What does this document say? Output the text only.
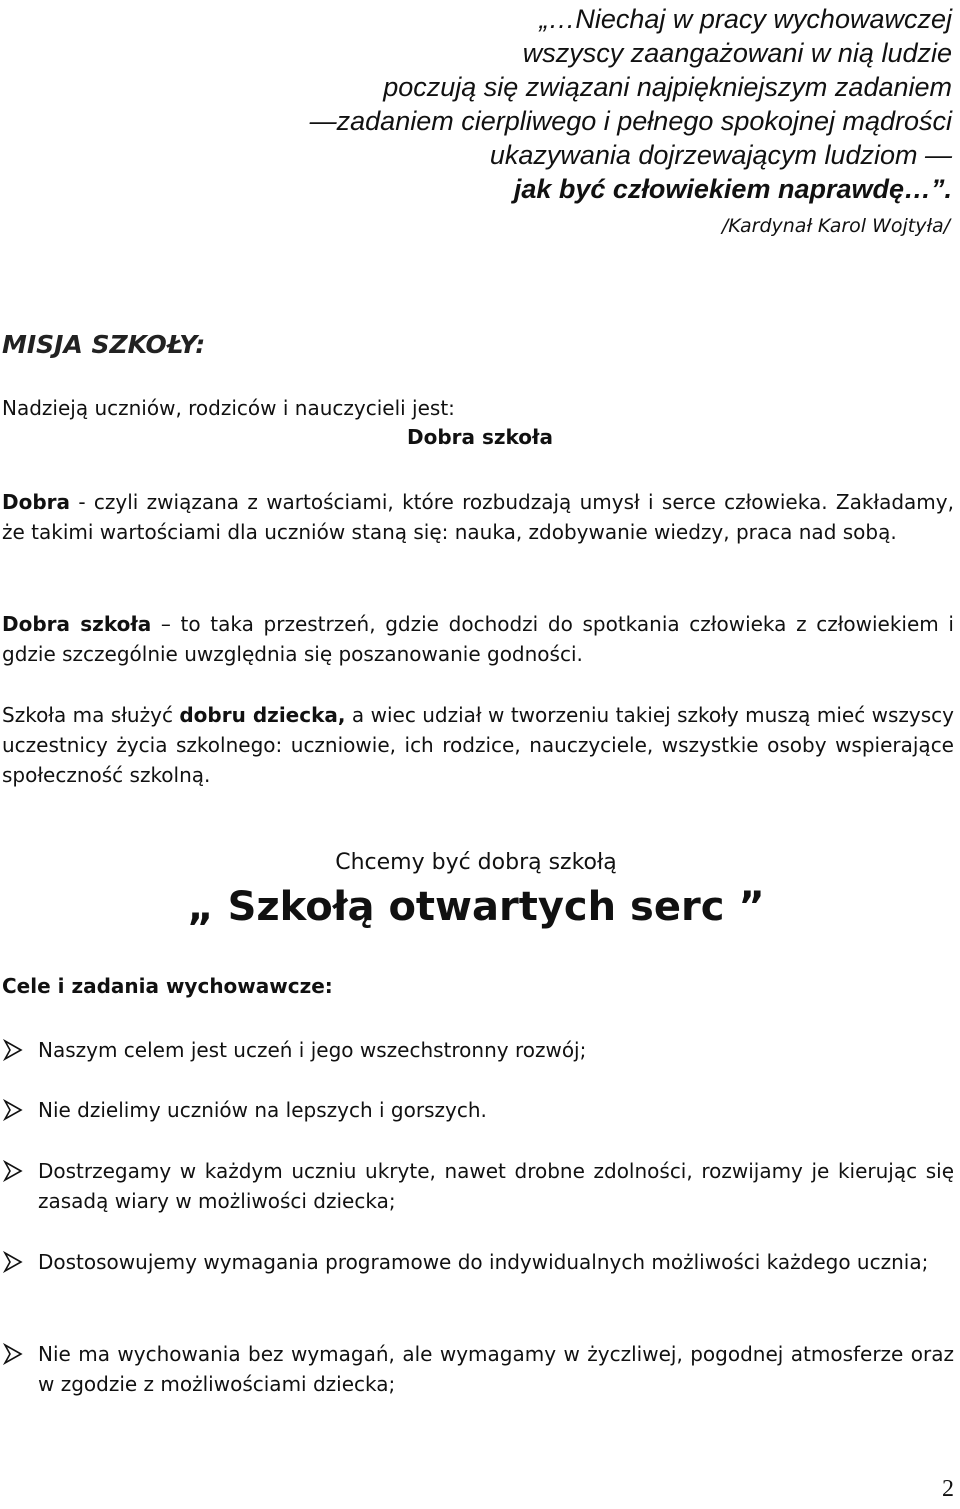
„…Niechaj w pracy wychowawczej
wszyscy zaangażowani w nią ludzie
poczują się związani najpiękniejszym zadaniem
—zadaniem cierpliwego i pełnego spokojnej mądrości
ukazywania dojrzewającym ludziom —
jak być człowiekiem naprawdę…”.
/Kardynał Karol Wojtyła/
MISJA SZKOŁY:
Nadzieją uczniów, rodziców i nauczycieli jest:
Dobra szkoła
Dobra - czyli związana z wartościami, które rozbudzają umysł i serce człowieka. Zakładamy, że takimi wartościami dla uczniów staną się: nauka, zdobywanie wiedzy, praca nad sobą.
Dobra szkoła – to taka przestrzeń, gdzie dochodzi do spotkania człowieka z człowiekiem i gdzie szczególnie uwzględnia się poszanowanie godności.
Szkoła ma służyć dobru dziecka, a wiec udział w tworzeniu takiej szkoły muszą mieć wszyscy uczestnicy życia szkolnego: uczniowie, ich rodzice, nauczyciele, wszystkie osoby wspierające społeczność szkolną.
Chcemy być dobrą szkołą
„ Szkołą otwartych serc ”
Cele i zadania wychowawcze:
Naszym celem jest uczeń i jego wszechstronny rozwój;
Nie dzielimy uczniów na lepszych i gorszych.
Dostrzegamy w każdym uczniu ukryte, nawet drobne zdolności, rozwijamy je kierując się zasadą wiary w możliwości dziecka;
Dostosowujemy wymagania programowe do indywidualnych możliwości każdego ucznia;
Nie ma wychowania bez wymagań, ale wymagamy w życzliwej, pogodnej atmosferze oraz w zgodzie z możliwościami dziecka;
2
